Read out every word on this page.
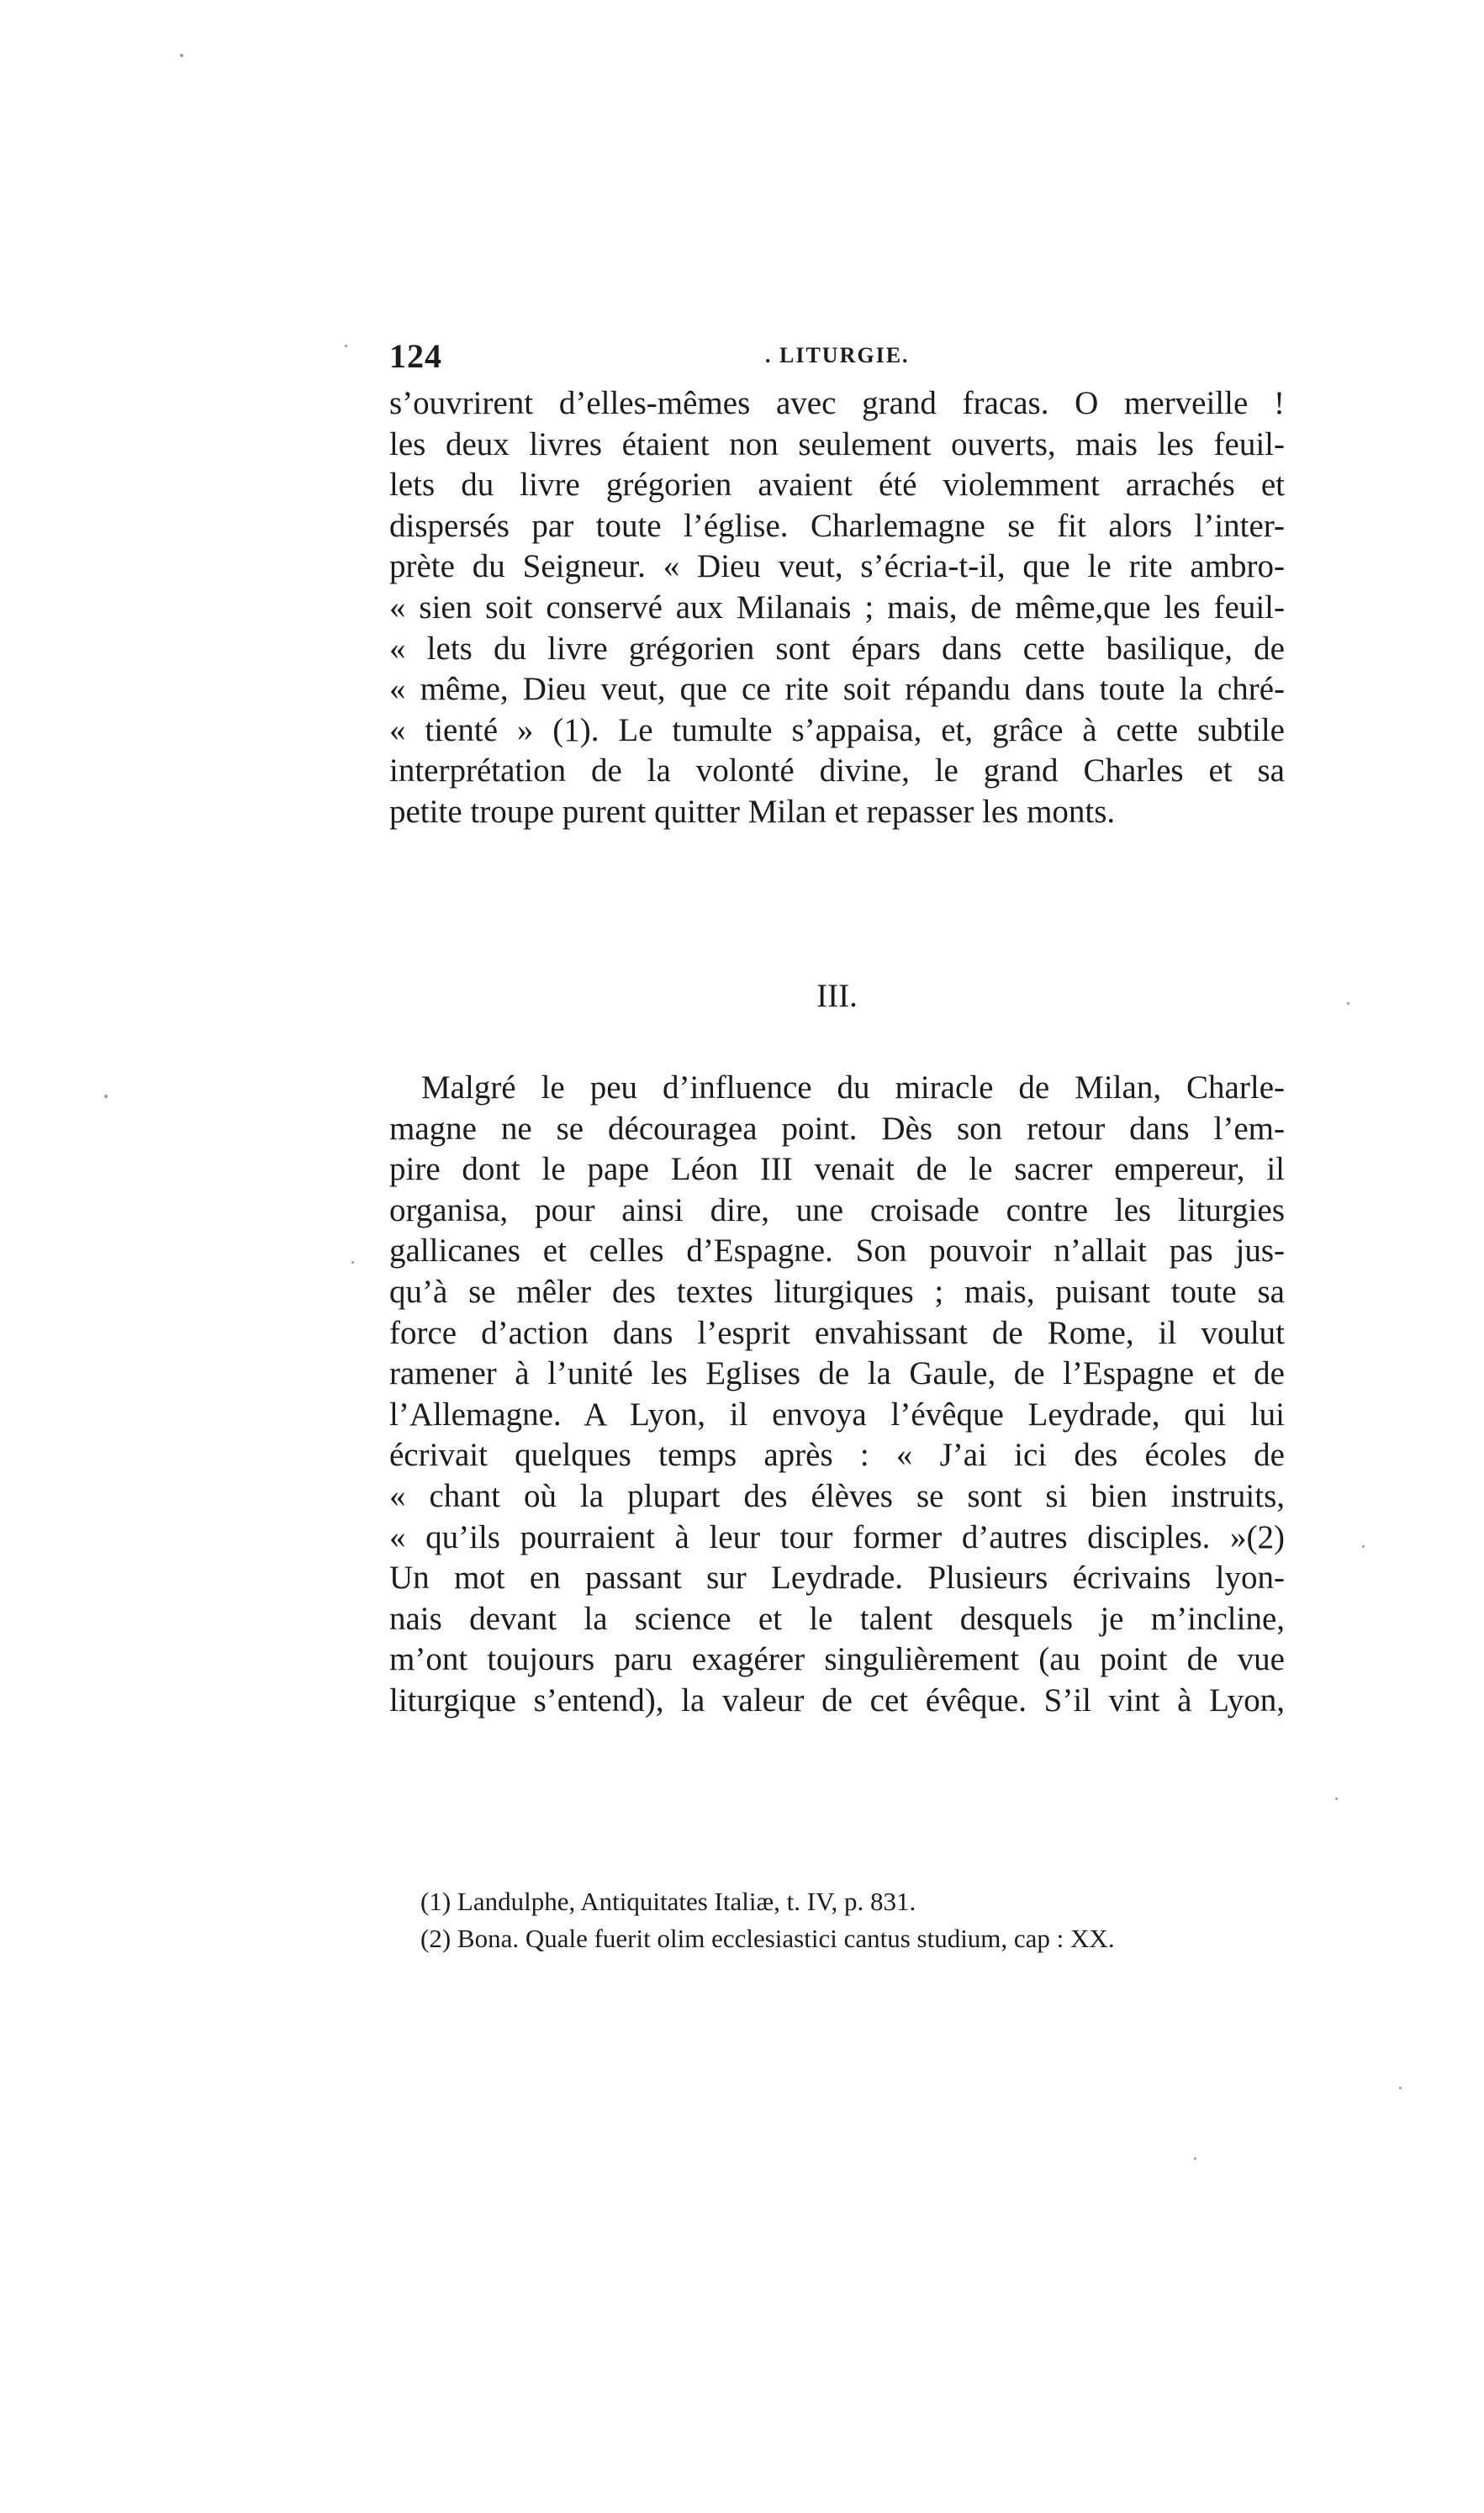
124	. LITURGIE.
s’ouvrirent d’elles-mêmes avec grand fracas. O merveille !
les deux livres étaient non seulement ouverts, mais les feuil-
lets du livre grégorien avaient été violemment arrachés et
dispersés par toute l’église. Charlemagne se fit alors l’inter-
prète du Seigneur. « Dieu veut, s’écria-t-il, que le rite ambro-
« sien soit conservé aux Milanais ; mais, de même,que les feuil-
« lets du livre grégorien sont épars dans cette basilique, de
« même, Dieu veut, que ce rite soit répandu dans toute la chré-
« tienté » (1). Le tumulte s’appaisa, et, grâce à cette subtile
interprétation de la volonté divine, le grand Charles et sa
petite troupe purent quitter Milan et repasser les monts.
III.
Malgré le peu d’influence du miracle de Milan, Charle-
magne ne se découragea point. Dès son retour dans l’em-
pire dont le pape Léon III venait de le sacrer empereur, il
organisa, pour ainsi dire, une croisade contre les liturgies
gallicanes et celles d’Espagne. Son pouvoir n’allait pas jus-
qu’à se mêler des textes liturgiques ; mais, puisant toute sa
force d’action dans l’esprit envahissant de Rome, il voulut
ramener à l’unité les Eglises de la Gaule, de l’Espagne et de
l’Allemagne. A Lyon, il envoya l’évêque Leydrade, qui lui
écrivait quelques temps après : « J’ai ici des écoles de
« chant où la plupart des élèves se sont si bien instruits,
« qu’ils pourraient à leur tour former d’autres disciples. »(2)
Un mot en passant sur Leydrade. Plusieurs écrivains lyon-
nais devant la science et le talent desquels je m’incline,
m’ont toujours paru exagérer singulièrement (au point de vue
liturgique s’entend), la valeur de cet évêque. S’il vint à Lyon,
(1) Landulphe, Antiquitates Italiæ, t. IV, p. 831.
(2) Bona. Quale fuerit olim ecclesiastici cantus studium, cap : XX.
